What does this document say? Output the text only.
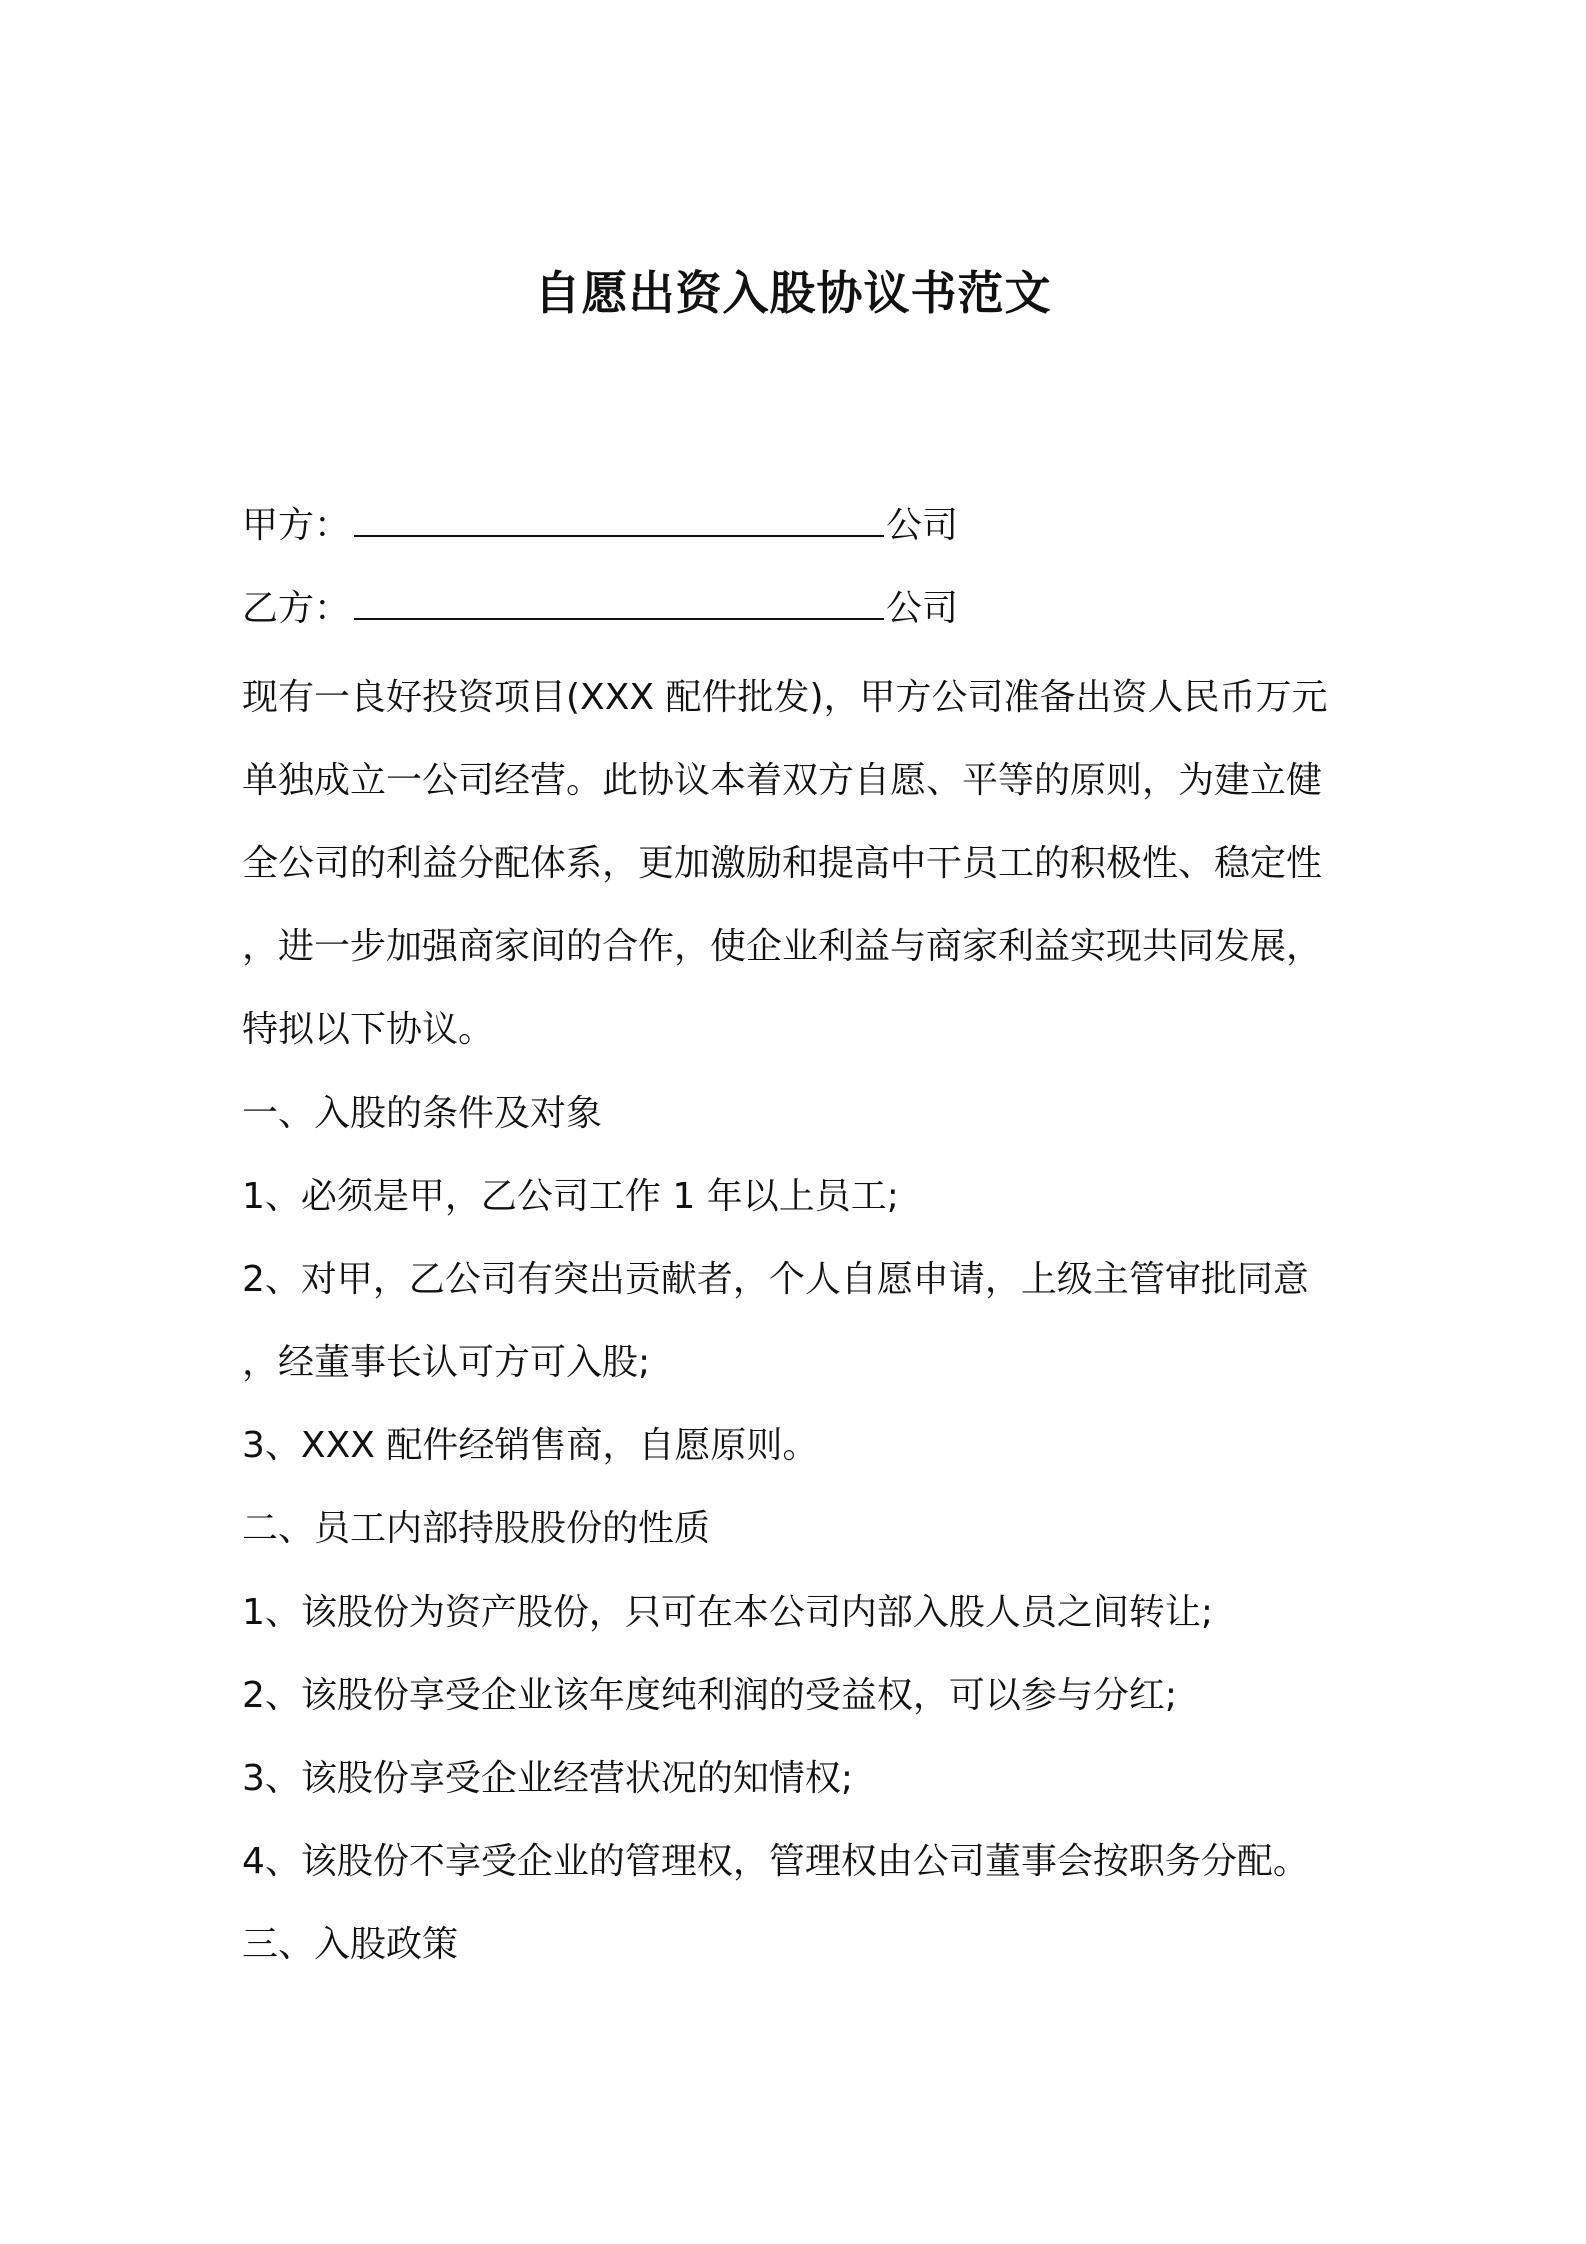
自愿出资入股协议书范文

甲方：	公司

乙方：	公司

现有一良好投资项目(XXX 配件批发)，甲方公司准备出资人民币万元

单独成立一公司经营。此协议本着双方自愿、平等的原则，为建立健

全公司的利益分配体系，更加激励和提高中干员工的积极性、稳定性

，进一步加强商家间的合作，使企业利益与商家利益实现共同发展，

特拟以下协议。

一、入股的条件及对象

1、必须是甲，乙公司工作 1 年以上员工;

2、对甲，乙公司有突出贡献者，个人自愿申请，上级主管审批同意

，经董事长认可方可入股;

3、XXX 配件经销售商，自愿原则。

二、员工内部持股股份的性质

1、该股份为资产股份，只可在本公司内部入股人员之间转让;

2、该股份享受企业该年度纯利润的受益权，可以参与分红;

3、该股份享受企业经营状况的知情权;

4、该股份不享受企业的管理权，管理权由公司董事会按职务分配。

三、入股政策
